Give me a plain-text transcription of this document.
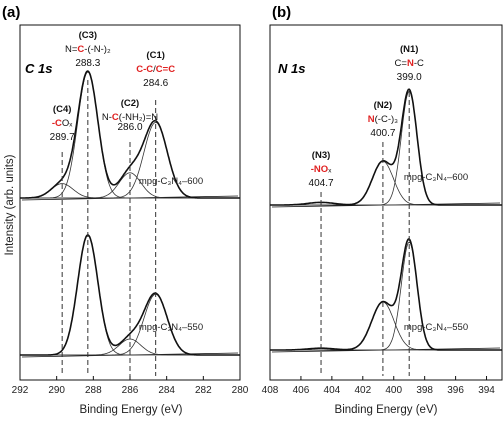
(a)	(b)
C 1s	N 1s
Intensity (arb. units)
Binding Energy (eV)	Binding Energy (eV)
292 290 288 286 284 282 280
mpg-C₃N₄–600
mpg-C₃N₄–550
(C1)
C-C/C=C
284.6
(C2)
N-C(-NH₂)=N
286.0
(C3)
N=C-(-N-)₂
288.3
(C4)
-COₓ
289.7
408 406 404 402 400 398 396 394
mpg-C₃N₄–600
mpg-C₃N₄–550
(N1)
C=N-C
399.0
(N2)
N(-C-)₃
400.7
(N3)
-NOₓ
404.7
